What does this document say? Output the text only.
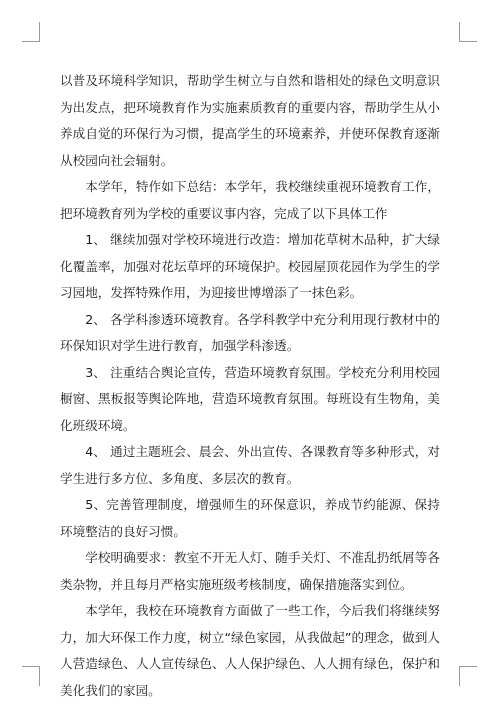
以普及环境科学知识，帮助学生树立与自然和谐相处的绿色文明意识为出发点，把环境教育作为实施素质教育的重要内容，帮助学生从小养成自觉的环保行为习惯，提高学生的环境素养，并使环保教育逐渐从校园向社会辐射。

本学年，特作如下总结：本学年，我校继续重视环境教育工作，把环境教育列为学校的重要议事内容，完成了以下具体工作

1、 继续加强对学校环境进行改造：增加花草树木品种，扩大绿化覆盖率，加强对花坛草坪的环境保护。校园屋顶花园作为学生的学习园地，发挥特殊作用，为迎接世博增添了一抹色彩。

2、 各学科渗透环境教育。各学科教学中充分利用现行教材中的环保知识对学生进行教育，加强学科渗透。

3、 注重结合舆论宣传，营造环境教育氛围。学校充分利用校园橱窗、黑板报等舆论阵地，营造环境教育氛围。每班设有生物角，美化班级环境。

4、 通过主题班会、晨会、外出宣传、各课教育等多种形式，对学生进行多方位、多角度、多层次的教育。

5、完善管理制度，增强师生的环保意识，养成节约能源、保持环境整洁的良好习惯。

学校明确要求：教室不开无人灯、随手关灯、不准乱扔纸屑等各类杂物，并且每月严格实施班级考核制度，确保措施落实到位。

本学年，我校在环境教育方面做了一些工作，今后我们将继续努力，加大环保工作力度，树立“绿色家园，从我做起”的理念，做到人人营造绿色、人人宣传绿色、人人保护绿色、人人拥有绿色，保护和美化我们的家园。
